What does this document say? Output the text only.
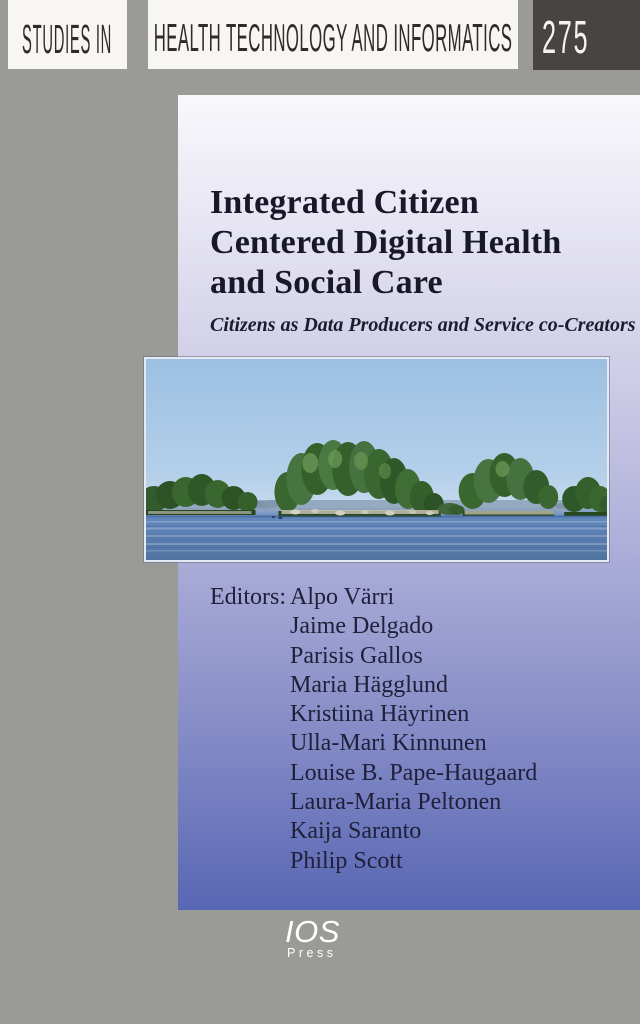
STUDIES IN HEALTH TECHNOLOGY AND INFORMATICS 275
Integrated Citizen
Centered Digital Health
and Social Care
Citizens as Data Producers and Service co-Creators
Editors: Alpo Värri
Jaime Delgado
Parisis Gallos
Maria Hägglund
Kristiina Häyrinen
Ulla-Mari Kinnunen
Louise B. Pape-Haugaard
Laura-Maria Peltonen
Kaija Saranto
Philip Scott
IOS
Press
